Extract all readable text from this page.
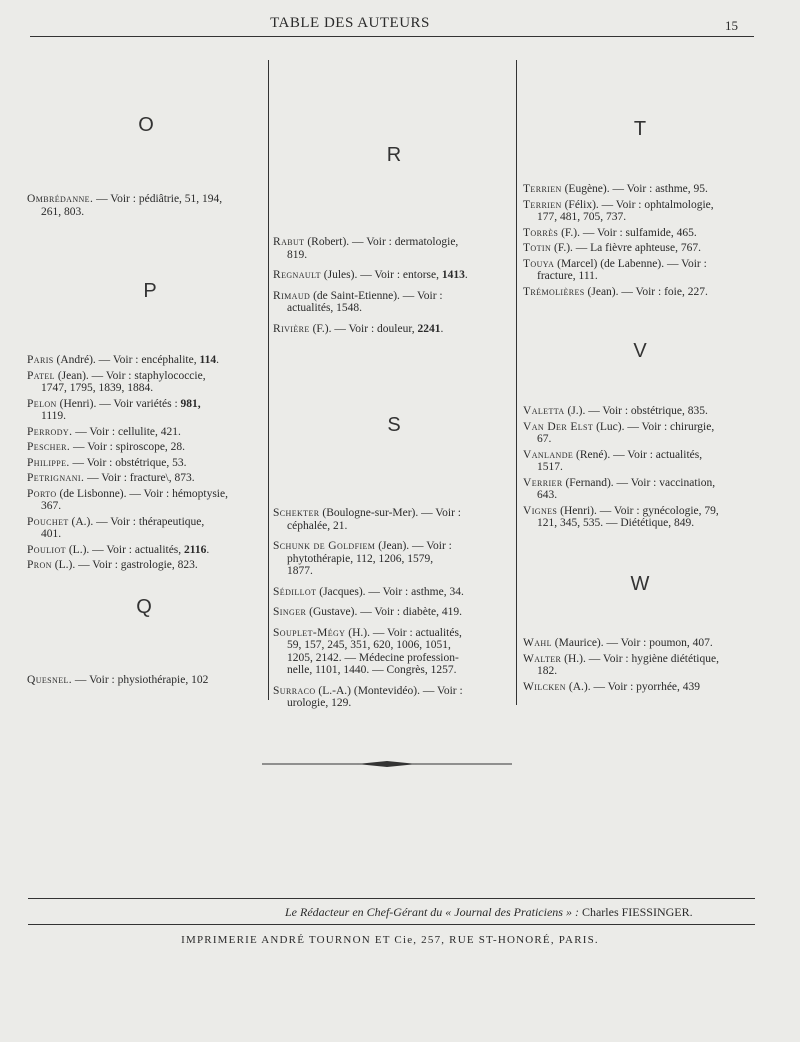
TABLE DES AUTEURS	15
O
Ombrédanne. — Voir : pédiâtrie, 51, 194,
261, 803.
P
Paris (André). — Voir : encéphalite, 114.
Patel (Jean). — Voir : staphylococcie,
1747, 1795, 1839, 1884.
Pelon (Henri). — Voir variétés : 981,
1119.
Perrody. — Voir : cellulite, 421.
Pescher. — Voir : spiroscope, 28.
Philippe. — Voir : obstétrique, 53.
Petrignani. — Voir : fracture\, 873.
Porto (de Lisbonne). — Voir : hémoptysie,
367.
Pouchet (A.). — Voir : thérapeutique,
401.
Pouliot (L.). — Voir : actualités, 2116.
Pron (L.). — Voir : gastrologie, 823.
Q
Quesnel. — Voir : physiothérapie, 102
R
Rabut (Robert). — Voir : dermatologie,
819.
Regnault (Jules). — Voir : entorse, 1413.
Rimaud (de Saint-Etienne). — Voir :
actualités, 1548.
Rivière (F.). — Voir : douleur, 2241.
S
Schekter (Boulogne-sur-Mer). — Voir :
céphalée, 21.
Schunk de Goldfiem (Jean). — Voir :
phytothérapie, 112, 1206, 1579,
1877.
Sédillot (Jacques). — Voir : asthme, 34.
Singer (Gustave). — Voir : diabète, 419.
Souplet-Mégy (H.). — Voir : actualités,
59, 157, 245, 351, 620, 1006, 1051,
1205, 2142. — Médecine profession-
nelle, 1101, 1440. — Congrès, 1257.
Surraco (L.-A.) (Montevidéo). — Voir :
urologie, 129.
T
Terrien (Eugène). — Voir : asthme, 95.
Terrien (Félix). — Voir : ophtalmologie,
177, 481, 705, 737.
Torrès (F.). — Voir : sulfamide, 465.
Totin (F.). — La fièvre aphteuse, 767.
Touya (Marcel) (de Labenne). — Voir :
fracture, 111.
Trémolières (Jean). — Voir : foie, 227.
V
Valetta (J.). — Voir : obstétrique, 835.
Van Der Elst (Luc). — Voir : chirurgie,
67.
Vanlande (René). — Voir : actualités,
1517.
Verrier (Fernand). — Voir : vaccination,
643.
Vignes (Henri). — Voir : gynécologie, 79,
121, 345, 535. — Diététique, 849.
W
Wahl (Maurice). — Voir : poumon, 407.
Walter (H.). — Voir : hygiène diététique,
182.
Wilcken (A.). — Voir : pyorrhée, 439
Le Rédacteur en Chef-Gérant du « Journal des Praticiens » : Charles FIESSINGER.
IMPRIMERIE ANDRÉ TOURNON ET Cie, 257, RUE ST-HONORÉ, PARIS.
